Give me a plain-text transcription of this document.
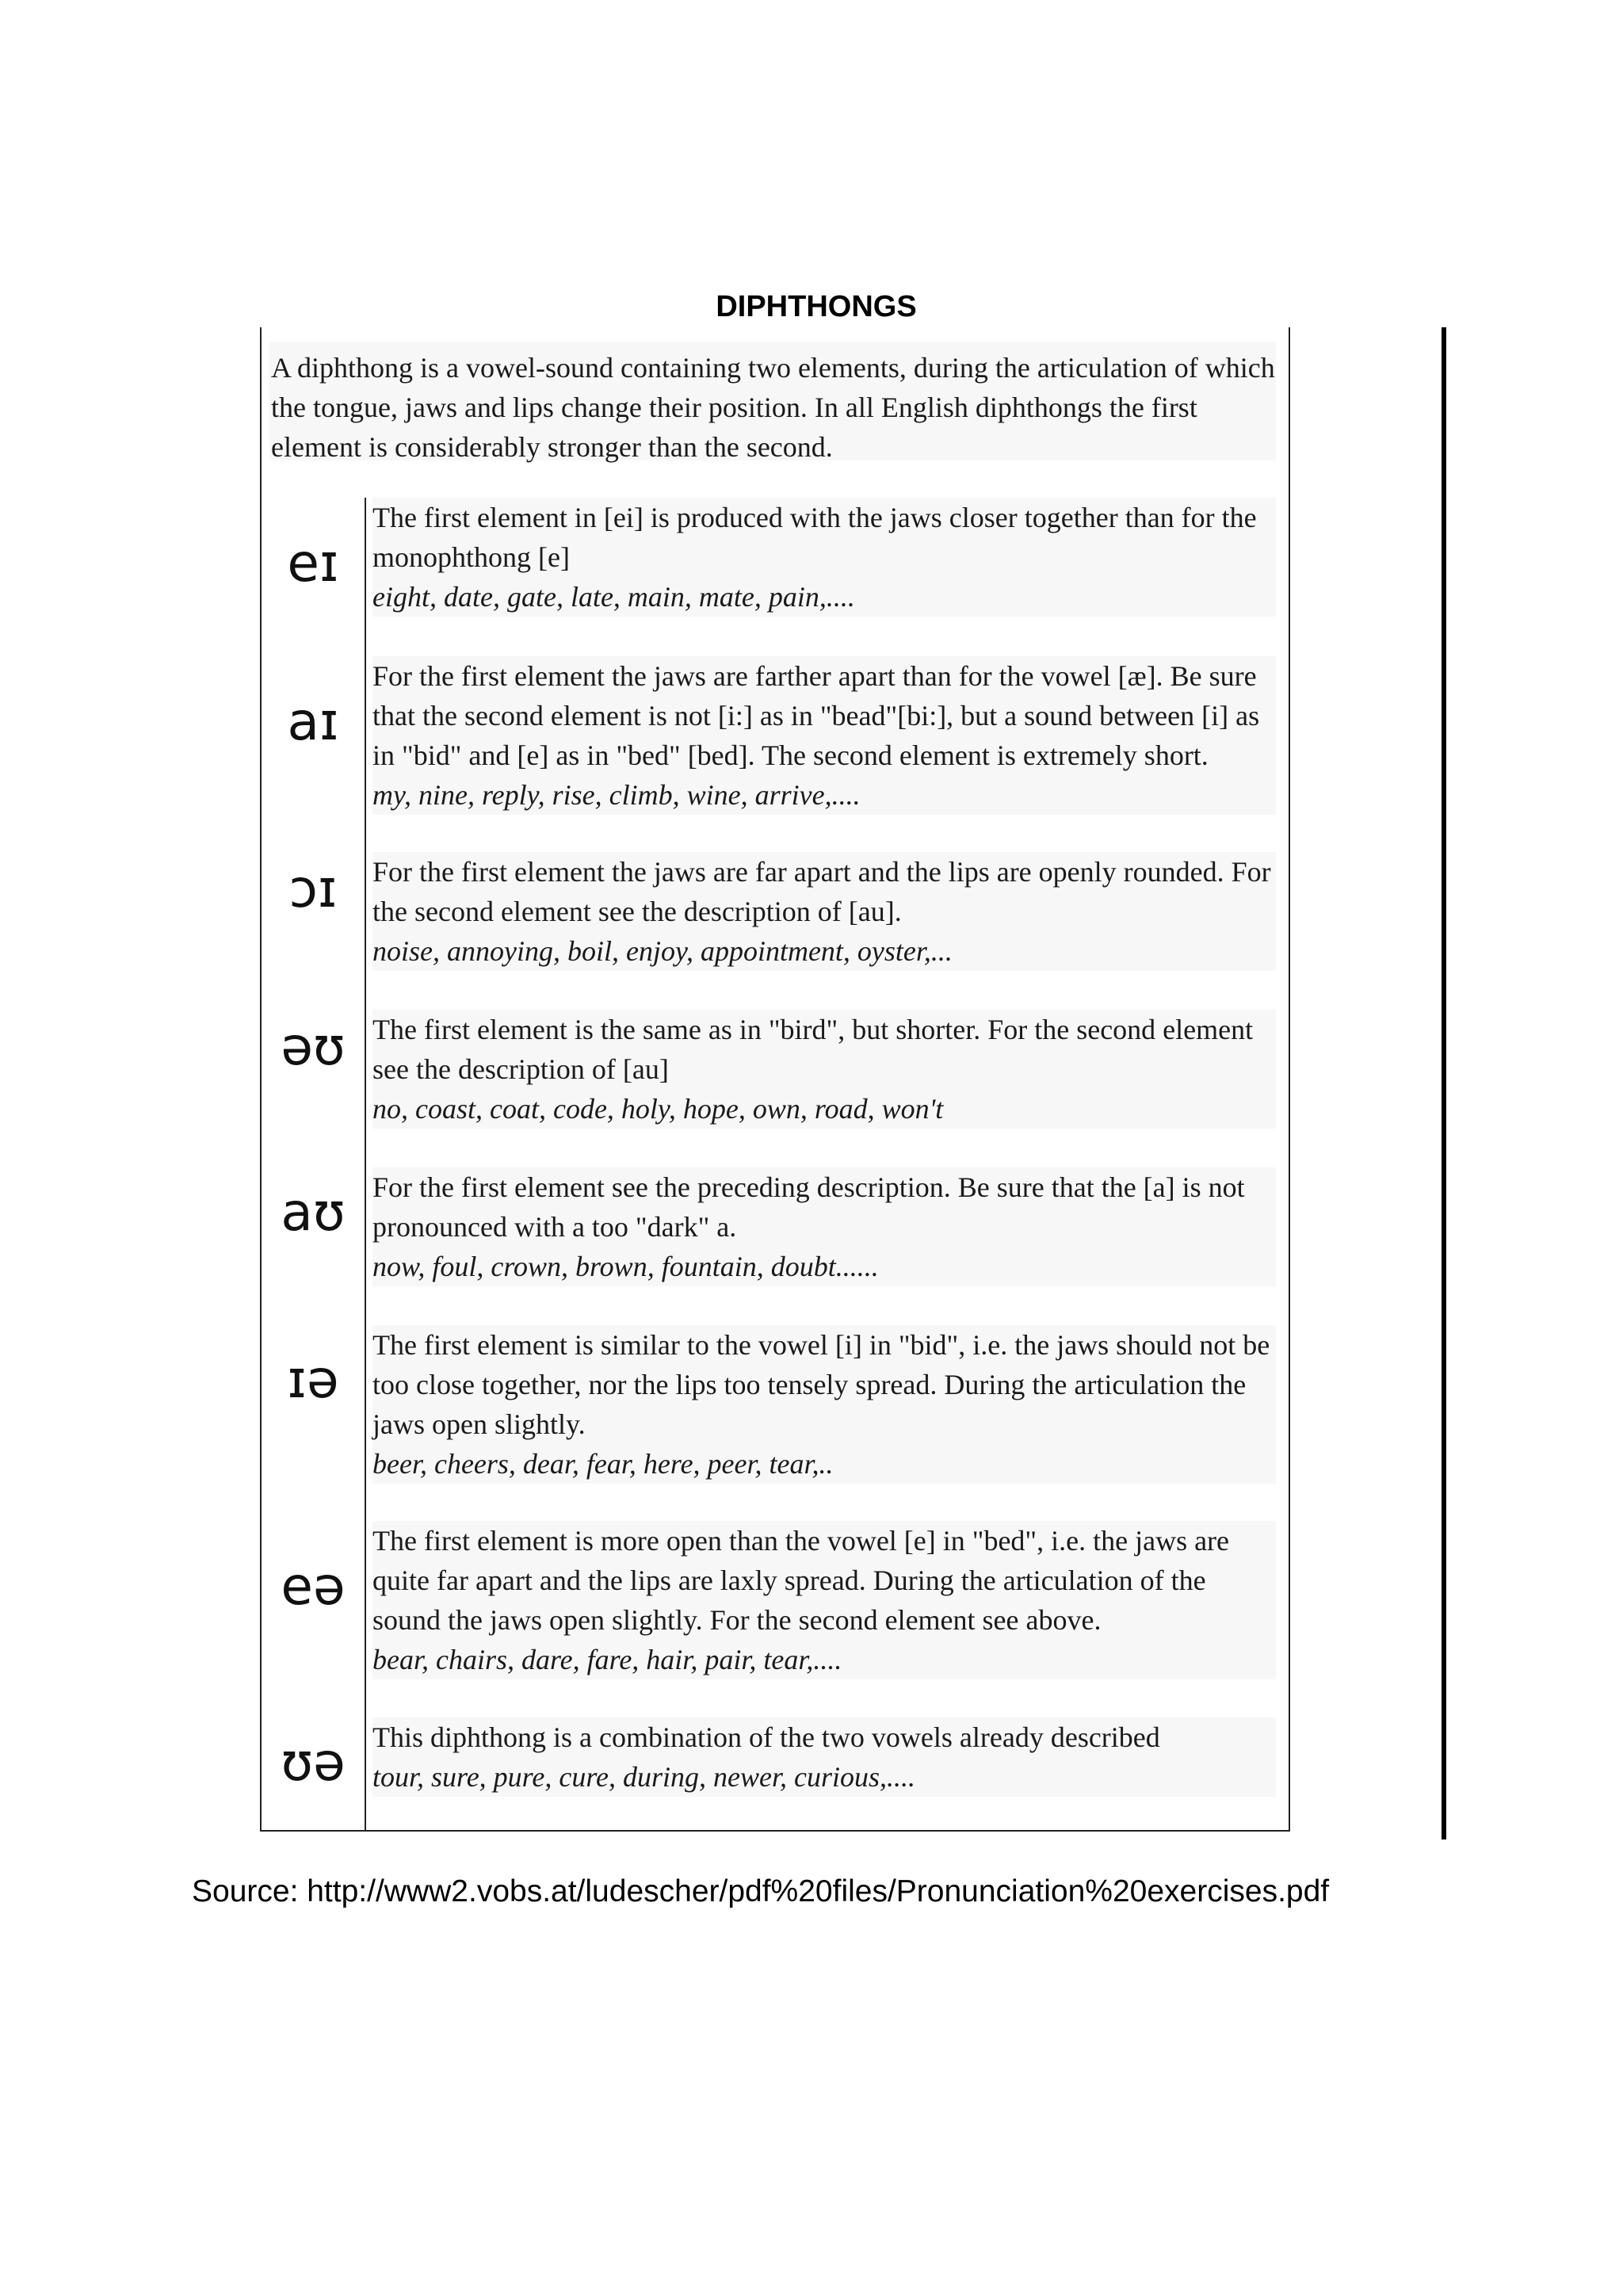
DIPHTHONGS
A diphthong is a vowel-sound containing two elements, during the articulation of which the tongue, jaws and lips change their position. In all English diphthongs the first element is considerably stronger than the second.
eɪ
The first element in [ei] is produced with the jaws closer together than for the monophthong [e]
eight, date, gate, late, main, mate, pain,....
aɪ
For the first element the jaws are farther apart than for the vowel [æ]. Be sure that the second element is not [i:] as in "bead"[bi:], but a sound between [i] as in "bid" and [e] as in "bed" [bed]. The second element is extremely short.
my, nine, reply, rise, climb, wine, arrive,....
ɔɪ	For the first element the jaws are far apart and the lips are openly rounded. For the second element see the description of [au].
noise, annoying, boil, enjoy, appointment, oyster,...
əʊ The first element is the same as in "bird", but shorter. For the second element see the description of [au]
no, coast, coat, code, holy, hope, own, road, won't
aʊ For the first element see the preceding description. Be sure that the [a] is not pronounced with a too "dark" a.
now, foul, crown, brown, fountain, doubt......
ɪə
The first element is similar to the vowel [i] in "bid", i.e. the jaws should not be too close together, nor the lips too tensely spread. During the articulation the jaws open slightly.
beer, cheers, dear, fear, here, peer, tear,..
eə
The first element is more open than the vowel [e] in "bed", i.e. the jaws are quite far apart and the lips are laxly spread. During the articulation of the sound the jaws open slightly. For the second element see above.
bear, chairs, dare, fare, hair, pair, tear,....
ʊə This diphthong is a combination of the two vowels already described
tour, sure, pure, cure, during, newer, curious,....
Source: http://www2.vobs.at/ludescher/pdf%20files/Pronunciation%20exercises.pdf
